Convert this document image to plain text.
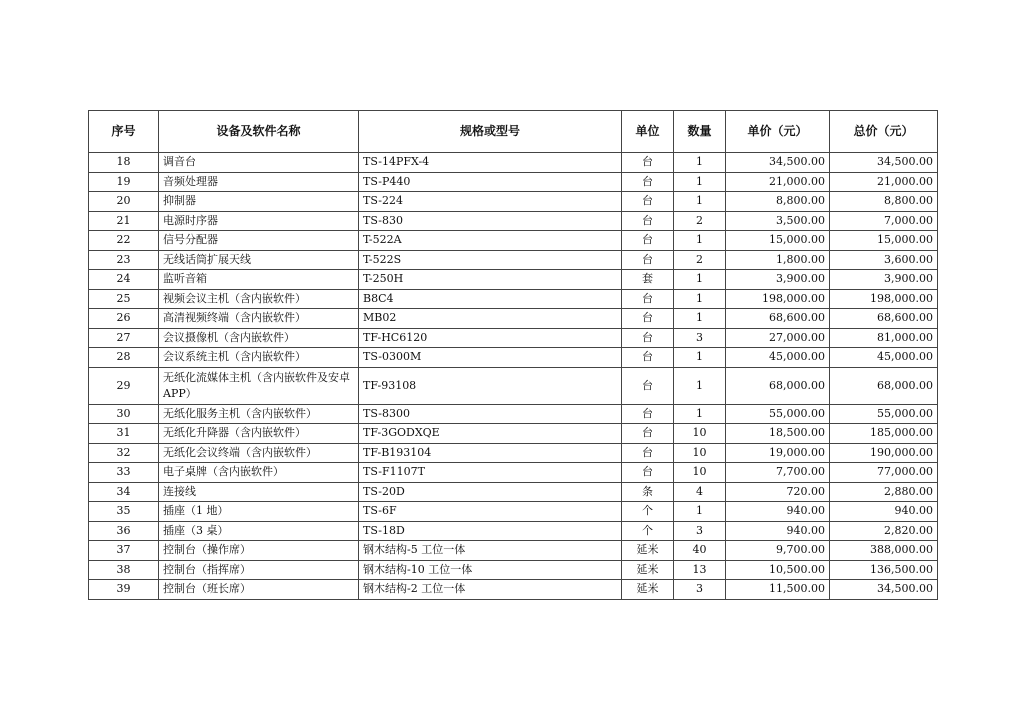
序号	设备及软件名称	规格或型号	单位	数量	单价（元）	总价（元）
18	调音台	TS-14PFX-4	台	1	34,500.00	34,500.00
19	音频处理器	TS-P440	台	1	21,000.00	21,000.00
20	抑制器	TS-224	台	1	8,800.00	8,800.00
21	电源时序器	TS-830	台	2	3,500.00	7,000.00
22	信号分配器	T-522A	台	1	15,000.00	15,000.00
23	无线话筒扩展天线	T-522S	台	2	1,800.00	3,600.00
24	监听音箱	T-250H	套	1	3,900.00	3,900.00
25	视频会议主机（含内嵌软件）	B8C4	台	1	198,000.00	198,000.00
26	高清视频终端（含内嵌软件）	MB02	台	1	68,600.00	68,600.00
27	会议摄像机（含内嵌软件）	TF-HC6120	台	3	27,000.00	81,000.00
28	会议系统主机（含内嵌软件）	TS-0300M	台	1	45,000.00	45,000.00
29	无纸化流媒体主机（含内嵌软件及安卓 APP）	TF-93108	台	1	68,000.00	68,000.00
30	无纸化服务主机（含内嵌软件）	TS-8300	台	1	55,000.00	55,000.00
31	无纸化升降器（含内嵌软件）	TF-3GODXQE	台	10	18,500.00	185,000.00
32	无纸化会议终端（含内嵌软件）	TF-B193104	台	10	19,000.00	190,000.00
33	电子桌牌（含内嵌软件）	TS-F1107T	台	10	7,700.00	77,000.00
34	连接线	TS-20D	条	4	720.00	2,880.00
35	插座（1 地）	TS-6F	个	1	940.00	940.00
36	插座（3 桌）	TS-18D	个	3	940.00	2,820.00
37	控制台（操作席）	钢木结构-5 工位一体	延米	40	9,700.00	388,000.00
38	控制台（指挥席）	钢木结构-10 工位一体	延米	13	10,500.00	136,500.00
39	控制台（班长席）	钢木结构-2 工位一体	延米	3	11,500.00	34,500.00
